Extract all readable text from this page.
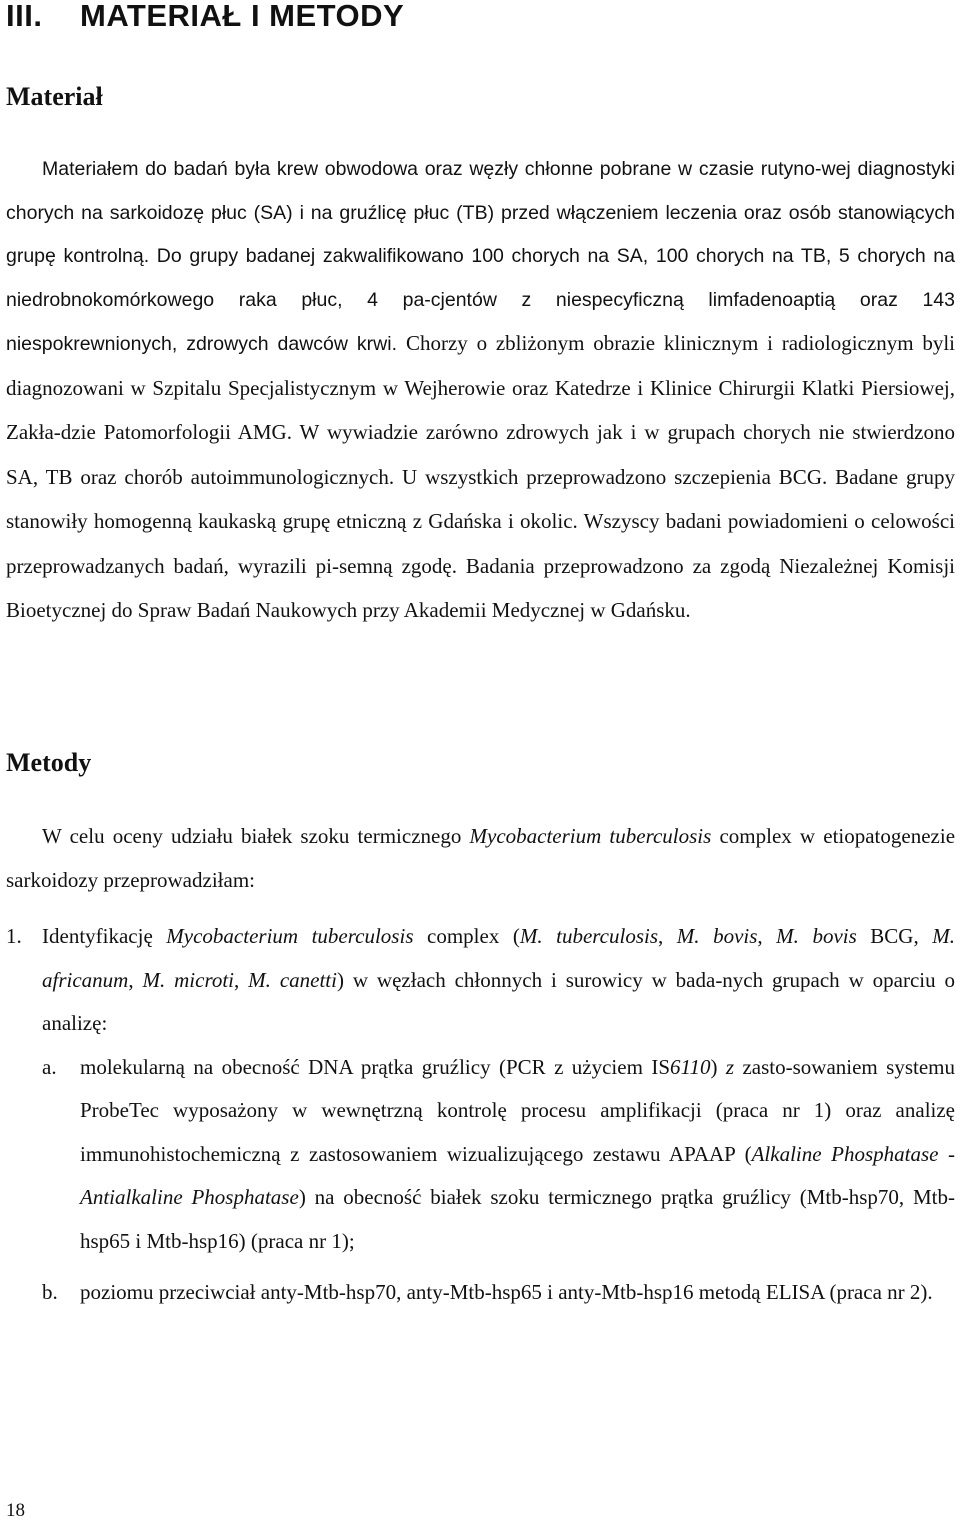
III. MATERIAŁ I METODY
Materiał

Materiałem do badań była krew obwodowa oraz węzły chłonne pobrane w czasie rutyno-wej diagnostyki chorych na sarkoidozę płuc (SA) i na gruźlicę płuc (TB) przed włączeniem leczenia oraz osób stanowiących grupę kontrolną. Do grupy badanej zakwalifikowano 100 chorych na SA, 100 chorych na TB, 5 chorych na niedrobnokomórkowego raka płuc, 4 pa-cjentów z niespecyficzną limfadenoaptią oraz 143 niespokrewnionych, zdrowych dawców krwi. Chorzy o zbliżonym obrazie klinicznym i radiologicznym byli diagnozowani w Szpitalu Specjalistycznym w Wejherowie oraz Katedrze i Klinice Chirurgii Klatki Piersiowej, Zakła-dzie Patomorfologii AMG. W wywiadzie zarówno zdrowych jak i w grupach chorych nie stwierdzono SA, TB oraz chorób autoimmunologicznych. U wszystkich przeprowadzono szczepienia BCG. Badane grupy stanowiły homogenną kaukaską grupę etniczną z Gdańska i okolic. Wszyscy badani powiadomieni o celowości przeprowadzanych badań, wyrazili pi-semną zgodę. Badania przeprowadzono za zgodą Niezależnej Komisji Bioetycznej do Spraw Badań Naukowych przy Akademii Medycznej w Gdańsku.

Metody

W celu oceny udziału białek szoku termicznego Mycobacterium tuberculosis complex w etiopatogenezie sarkoidozy przeprowadziłam:

1. Identyfikację Mycobacterium tuberculosis complex (M. tuberculosis, M. bovis, M. bovis BCG, M. africanum, M. microti, M. canetti) w węzłach chłonnych i surowicy w bada-nych grupach w oparciu o analizę:
a. molekularną na obecność DNA prątka gruźlicy (PCR z użyciem IS6110) z zasto-sowaniem systemu ProbeTec wyposażony w wewnętrzną kontrolę procesu amplifikacji (praca nr 1) oraz analizę immunohistochemiczną z zastosowaniem wizualizującego zestawu APAAP (Alkaline Phosphatase - Antialkaline Phosphatase) na obecność białek szoku termicznego prątka gruźlicy (Mtb-hsp70, Mtb-hsp65 i Mtb-hsp16) (praca nr 1);
b. poziomu przeciwciał anty-Mtb-hsp70, anty-Mtb-hsp65 i anty-Mtb-hsp16 metodą ELISA (praca nr 2).
18
